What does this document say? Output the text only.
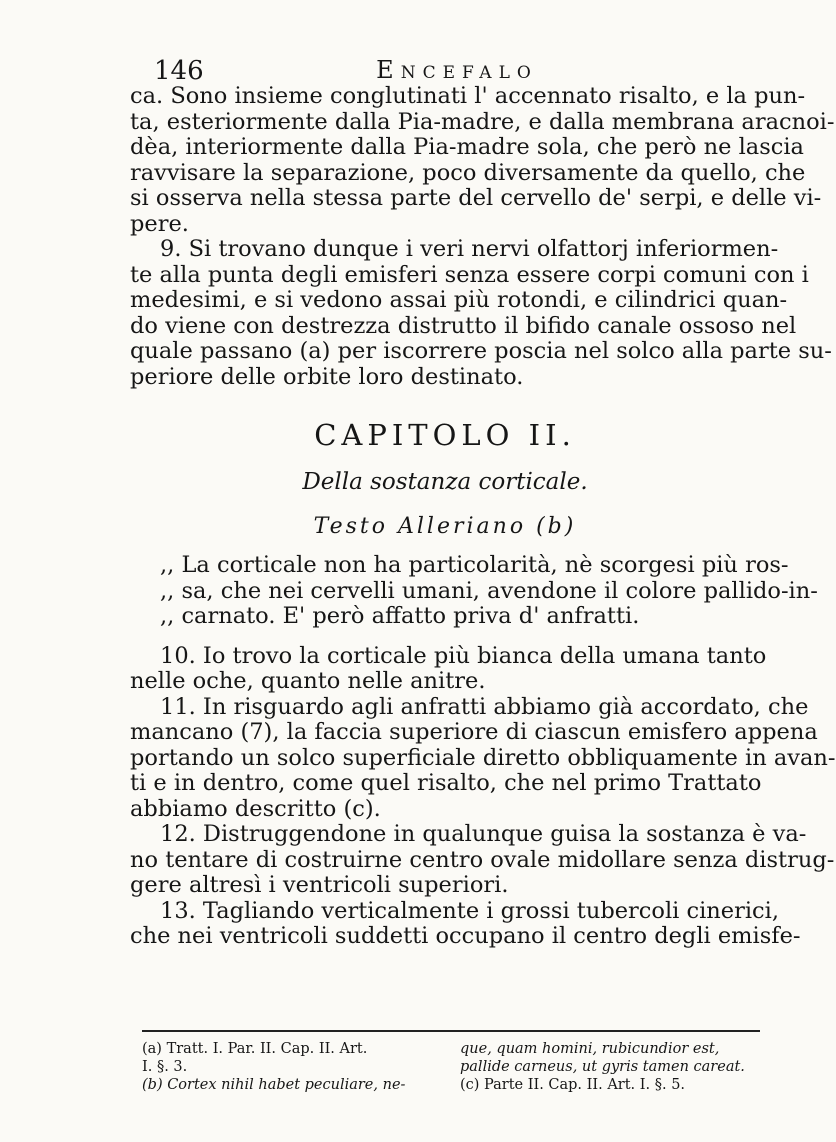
146	Encefalo
ca. Sono insieme conglutinati l' accennato risalto, e la pun-
ta, esteriormente dalla Pia-madre, e dalla membrana aracnoi-
dèa, interiormente dalla Pia-madre sola, che però ne lascia
ravvisare la separazione, poco diversamente da quello, che
si osserva nella stessa parte del cervello de' serpi, e delle vi-
pere.
9. Si trovano dunque i veri nervi olfattorj inferiormen-
te alla punta degli emisferi senza essere corpi comuni con i
medesimi, e si vedono assai più rotondi, e cilindrici quan-
do viene con destrezza distrutto il bifido canale ossoso nel
quale passano (a) per iscorrere poscia nel solco alla parte su-
periore delle orbite loro destinato.
CAPITOLO II.
Della sostanza corticale.
Testo Alleriano (b)
,, La corticale non ha particolarità, nè scorgesi più ros-
,, sa, che nei cervelli umani, avendone il colore pallido-in-
,, carnato. E' però affatto priva d' anfratti.
10. Io trovo la corticale più bianca della umana tanto
nelle oche, quanto nelle anitre.
11. In risguardo agli anfratti abbiamo già accordato, che
mancano (7), la faccia superiore di ciascun emisfero appena
portando un solco superficiale diretto obbliquamente in avan-
ti e in dentro, come quel risalto, che nel primo Trattato
abbiamo descritto (c).
12. Distruggendone in qualunque guisa la sostanza è va-
no tentare di costruirne centro ovale midollare senza distrug-
gere altresì i ventricoli superiori.
13. Tagliando verticalmente i grossi tubercoli cinerici,
che nei ventricoli suddetti occupano il centro degli emisfe-
(a) Tratt. I. Par. II. Cap. II. Art.
I. §. 3.
(b) Cortex nihil habet peculiare, ne-
que, quam homini, rubicundior est,
pallide carneus, ut gyris tamen careat.
(c) Parte II. Cap. II. Art. I. §. 5.
